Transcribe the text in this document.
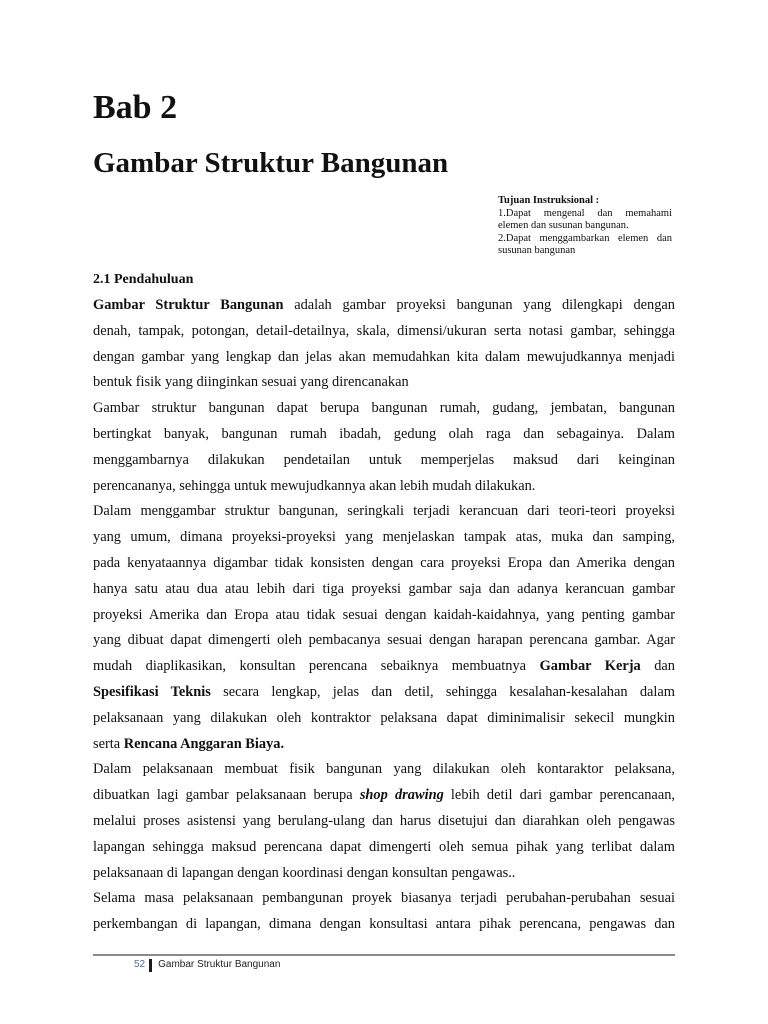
Bab 2
Gambar Struktur Bangunan
Tujuan Instruksional :
1.Dapat mengenal dan memahami elemen dan susunan bangunan.
2.Dapat menggambarkan elemen dan susunan bangunan
2.1 Pendahuluan
Gambar Struktur Bangunan adalah gambar proyeksi bangunan yang dilengkapi dengan
denah, tampak, potongan, detail-detailnya, skala, dimensi/ukuran serta notasi gambar, sehingga
dengan gambar yang lengkap dan jelas akan memudahkan kita dalam mewujudkannya menjadi
bentuk fisik yang diinginkan sesuai yang direncanakan
Gambar struktur bangunan dapat berupa bangunan rumah, gudang, jembatan, bangunan
bertingkat banyak, bangunan rumah ibadah, gedung olah raga dan sebagainya. Dalam
menggambarnya dilakukan pendetailan untuk memperjelas maksud dari keinginan
perencananya, sehingga untuk mewujudkannya akan lebih mudah dilakukan.
Dalam menggambar struktur bangunan, seringkali terjadi kerancuan dari teori-teori proyeksi
yang umum, dimana proyeksi-proyeksi yang menjelaskan tampak atas, muka dan samping,
pada kenyataannya digambar tidak konsisten dengan cara proyeksi Eropa dan Amerika dengan
hanya satu atau dua atau lebih dari tiga proyeksi gambar saja dan adanya kerancuan gambar
proyeksi Amerika dan Eropa atau tidak sesuai dengan kaidah-kaidahnya, yang penting gambar
yang dibuat dapat dimengerti oleh pembacanya sesuai dengan harapan perencana gambar. Agar
mudah diaplikasikan, konsultan perencana sebaiknya membuatnya Gambar Kerja dan
Spesifikasi Teknis secara lengkap, jelas dan detil, sehingga kesalahan-kesalahan dalam
pelaksanaan yang dilakukan oleh kontraktor pelaksana dapat diminimalisir sekecil mungkin
serta Rencana Anggaran Biaya.
Dalam pelaksanaan membuat fisik bangunan yang dilakukan oleh kontaraktor pelaksana,
dibuatkan lagi gambar pelaksanaan berupa shop drawing lebih detil dari gambar perencanaan,
melalui proses asistensi yang berulang-ulang dan harus disetujui dan diarahkan oleh pengawas
lapangan sehingga maksud perencana dapat dimengerti oleh semua pihak yang terlibat dalam
pelaksanaan di lapangan dengan koordinasi dengan konsultan pengawas..
Selama masa pelaksanaan pembangunan proyek biasanya terjadi perubahan-perubahan sesuai
perkembangan di lapangan, dimana dengan konsultasi antara pihak perencana, pengawas dan
52 Gambar Struktur Bangunan
